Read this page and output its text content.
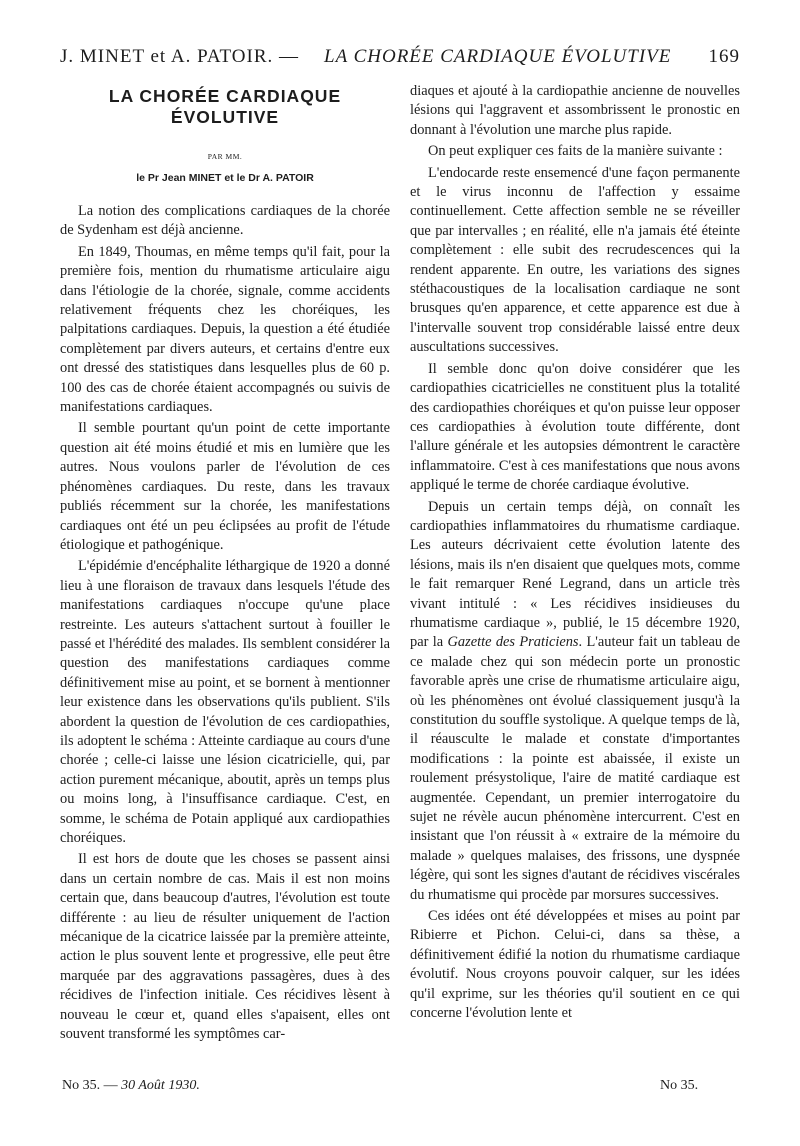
J. MINET et A. PATOIR. — LA CHORÉE CARDIAQUE ÉVOLUTIVE 169
LA CHORÉE CARDIAQUE
ÉVOLUTIVE
PAR MM.
le Pr Jean MINET et le Dr A. PATOIR

La notion des complications cardiaques de la chorée de Sydenham est déjà ancienne.

En 1849, Thoumas, en même temps qu'il fait, pour la première fois, mention du rhumatisme articulaire aigu dans l'étiologie de la chorée, signale, comme accidents relativement fréquents chez les choréiques, les palpitations cardiaques. Depuis, la question a été étudiée complètement par divers auteurs, et certains d'entre eux ont dressé des statistiques dans lesquelles plus de 60 p. 100 des cas de chorée étaient accompagnés ou suivis de manifestations cardiaques.

Il semble pourtant qu'un point de cette importante question ait été moins étudié et mis en lumière que les autres. Nous voulons parler de l'évolution de ces phénomènes cardiaques. Du reste, dans les travaux publiés récemment sur la chorée, les manifestations cardiaques ont été un peu éclipsées au profit de l'étude étiologique et pathogénique.

L'épidémie d'encéphalite léthargique de 1920 a donné lieu à une floraison de travaux dans lesquels l'étude des manifestations cardiaques n'occupe qu'une place restreinte. Les auteurs s'attachent surtout à fouiller le passé et l'hérédité des malades. Ils semblent considérer la question des manifestations cardiaques comme définitivement mise au point, et se bornent à mentionner leur existence dans les observations qu'ils publient. S'ils abordent la question de l'évolution de ces cardiopathies, ils adoptent le schéma : Atteinte cardiaque au cours d'une chorée ; celle-ci laisse une lésion cicatricielle, qui, par action purement mécanique, aboutit, après un temps plus ou moins long, à l'insuffisance cardiaque. C'est, en somme, le schéma de Potain appliqué aux cardiopathies choréiques.

Il est hors de doute que les choses se passent ainsi dans un certain nombre de cas. Mais il est non moins certain que, dans beaucoup d'autres, l'évolution est toute différente : au lieu de résulter uniquement de l'action mécanique de la cicatrice laissée par la première atteinte, action le plus souvent lente et progressive, elle peut être marquée par des aggravations passagères, dues à des récidives de l'infection initiale. Ces récidives lèsent à nouveau le cœur et, quand elles s'apaisent, elles ont souvent transformé les symptômes car-

diaques et ajouté à la cardiopathie ancienne de nouvelles lésions qui l'aggravent et assombrissent le pronostic en donnant à l'évolution une marche plus rapide.

On peut expliquer ces faits de la manière suivante :

L'endocarde reste ensemencé d'une façon permanente et le virus inconnu de l'affection y essaime continuellement. Cette affection semble ne se réveiller que par intervalles ; en réalité, elle n'a jamais été éteinte complètement : elle subit des recrudescences qui la rendent apparente. En outre, les variations des signes stéthacoustiques de la localisation cardiaque ne sont brusques qu'en apparence, et cette apparence est due à l'intervalle souvent trop considérable laissé entre deux auscultations successives.

Il semble donc qu'on doive considérer que les cardiopathies cicatricielles ne constituent plus la totalité des cardiopathies choréiques et qu'on puisse leur opposer ces cardiopathies à évolution toute différente, dont l'allure générale et les autopsies démontrent le caractère inflammatoire. C'est à ces manifestations que nous avons appliqué le terme de chorée cardiaque évolutive.

Depuis un certain temps déjà, on connaît les cardiopathies inflammatoires du rhumatisme cardiaque. Les auteurs décrivaient cette évolution latente des lésions, mais ils n'en disaient que quelques mots, comme le fait remarquer René Legrand, dans un article très vivant intitulé : « Les récidives insidieuses du rhumatisme cardiaque », publié, le 15 décembre 1920, par la Gazette des Praticiens. L'auteur fait un tableau de ce malade chez qui son médecin porte un pronostic favorable après une crise de rhumatisme articulaire aigu, où les phénomènes ont évolué classiquement jusqu'à la constitution du souffle systolique. A quelque temps de là, il réausculte le malade et constate d'importantes modifications : la pointe est abaissée, il existe un roulement présystolique, l'aire de matité cardiaque est augmentée. Cependant, un premier interrogatoire du sujet ne révèle aucun phénomène intercurrent. C'est en insistant que l'on réussit à « extraire de la mémoire du malade » quelques malaises, des frissons, une dyspnée légère, qui sont les signes d'autant de récidives viscérales du rhumatisme qui procède par morsures successives.

Ces idées ont été développées et mises au point par Ribierre et Pichon. Celui-ci, dans sa thèse, a définitivement édifié la notion du rhumatisme cardiaque évolutif. Nous croyons pouvoir calquer, sur les idées qu'il exprime, sur les théories qu'il soutient en ce qui concerne l'évolution lente et

No 35. — 30 Août 1930.	No 35.
